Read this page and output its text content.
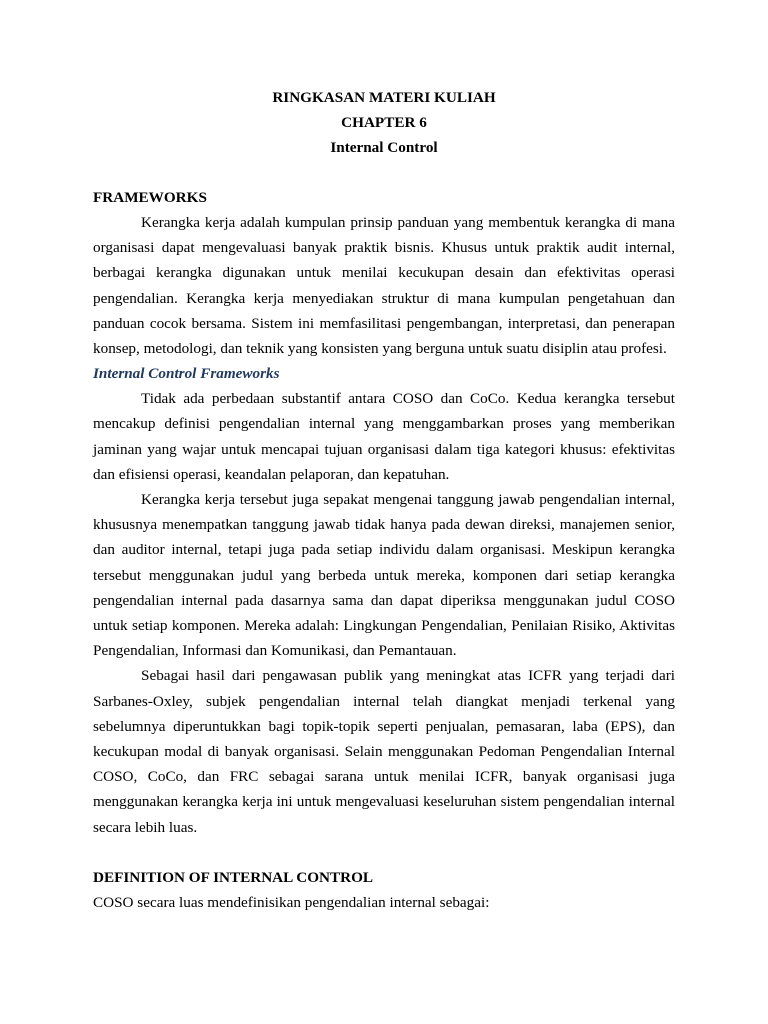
RINGKASAN MATERI KULIAH
CHAPTER 6
Internal Control

FRAMEWORKS

Kerangka kerja adalah kumpulan prinsip panduan yang membentuk kerangka di mana organisasi dapat mengevaluasi banyak praktik bisnis. Khusus untuk praktik audit internal, berbagai kerangka digunakan untuk menilai kecukupan desain dan efektivitas operasi pengendalian. Kerangka kerja menyediakan struktur di mana kumpulan pengetahuan dan panduan cocok bersama. Sistem ini memfasilitasi pengembangan, interpretasi, dan penerapan konsep, metodologi, dan teknik yang konsisten yang berguna untuk suatu disiplin atau profesi.

Internal Control Frameworks

Tidak ada perbedaan substantif antara COSO dan CoCo. Kedua kerangka tersebut mencakup definisi pengendalian internal yang menggambarkan proses yang memberikan jaminan yang wajar untuk mencapai tujuan organisasi dalam tiga kategori khusus: efektivitas dan efisiensi operasi, keandalan pelaporan, dan kepatuhan.

Kerangka kerja tersebut juga sepakat mengenai tanggung jawab pengendalian internal, khususnya menempatkan tanggung jawab tidak hanya pada dewan direksi, manajemen senior, dan auditor internal, tetapi juga pada setiap individu dalam organisasi. Meskipun kerangka tersebut menggunakan judul yang berbeda untuk mereka, komponen dari setiap kerangka pengendalian internal pada dasarnya sama dan dapat diperiksa menggunakan judul COSO untuk setiap komponen. Mereka adalah: Lingkungan Pengendalian, Penilaian Risiko, Aktivitas Pengendalian, Informasi dan Komunikasi, dan Pemantauan.

Sebagai hasil dari pengawasan publik yang meningkat atas ICFR yang terjadi dari Sarbanes-Oxley, subjek pengendalian internal telah diangkat menjadi terkenal yang sebelumnya diperuntukkan bagi topik-topik seperti penjualan, pemasaran, laba (EPS), dan kecukupan modal di banyak organisasi. Selain menggunakan Pedoman Pengendalian Internal COSO, CoCo, dan FRC sebagai sarana untuk menilai ICFR, banyak organisasi juga menggunakan kerangka kerja ini untuk mengevaluasi keseluruhan sistem pengendalian internal secara lebih luas.

DEFINITION OF INTERNAL CONTROL

COSO secara luas mendefinisikan pengendalian internal sebagai:
